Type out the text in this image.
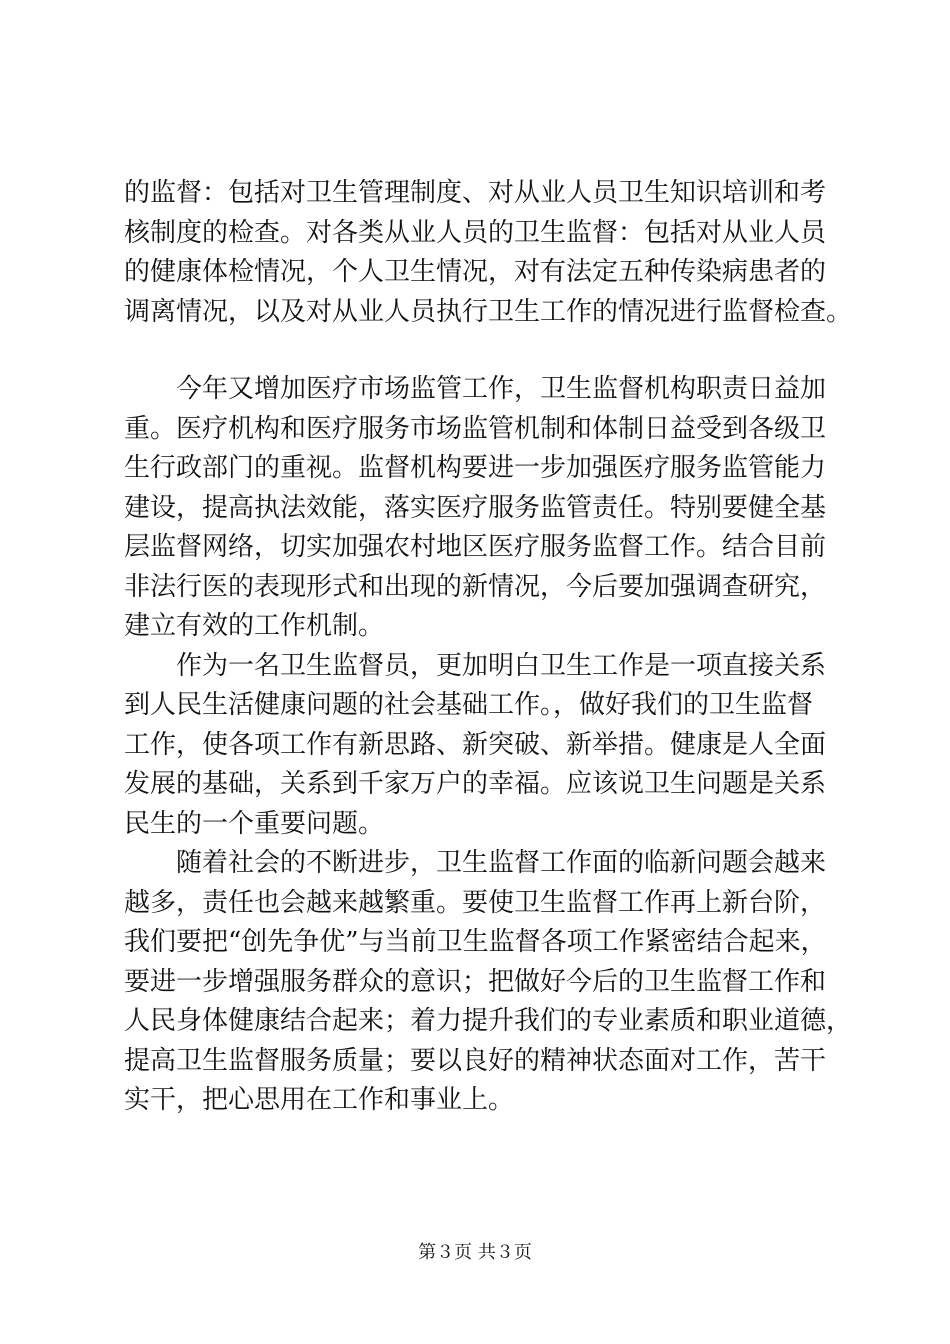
的监督：包括对卫生管理制度、对从业人员卫生知识培训和考
核制度的检查。对各类从业人员的卫生监督：包括对从业人员
的健康体检情况，个人卫生情况，对有法定五种传染病患者的
调离情况，以及对从业人员执行卫生工作的情况进行监督检查。
　　今年又增加医疗市场监管工作，卫生监督机构职责日益加
重。医疗机构和医疗服务市场监管机制和体制日益受到各级卫
生行政部门的重视。监督机构要进一步加强医疗服务监管能力
建设，提高执法效能，落实医疗服务监管责任。特别要健全基
层监督网络，切实加强农村地区医疗服务监督工作。结合目前
非法行医的表现形式和出现的新情况，今后要加强调查研究，
建立有效的工作机制。
　　作为一名卫生监督员，更加明白卫生工作是一项直接关系
到人民生活健康问题的社会基础工作。，做好我们的卫生监督
工作，使各项工作有新思路、新突破、新举措。健康是人全面
发展的基础，关系到千家万户的幸福。应该说卫生问题是关系
民生的一个重要问题。
　　随着社会的不断进步，卫生监督工作面的临新问题会越来
越多，责任也会越来越繁重。要使卫生监督工作再上新台阶，
我们要把“创先争优”与当前卫生监督各项工作紧密结合起来，
要进一步增强服务群众的意识；把做好今后的卫生监督工作和
人民身体健康结合起来；着力提升我们的专业素质和职业道德，
提高卫生监督服务质量；要以良好的精神状态面对工作，苦干
实干，把心思用在工作和事业上。
第３页 共３页
